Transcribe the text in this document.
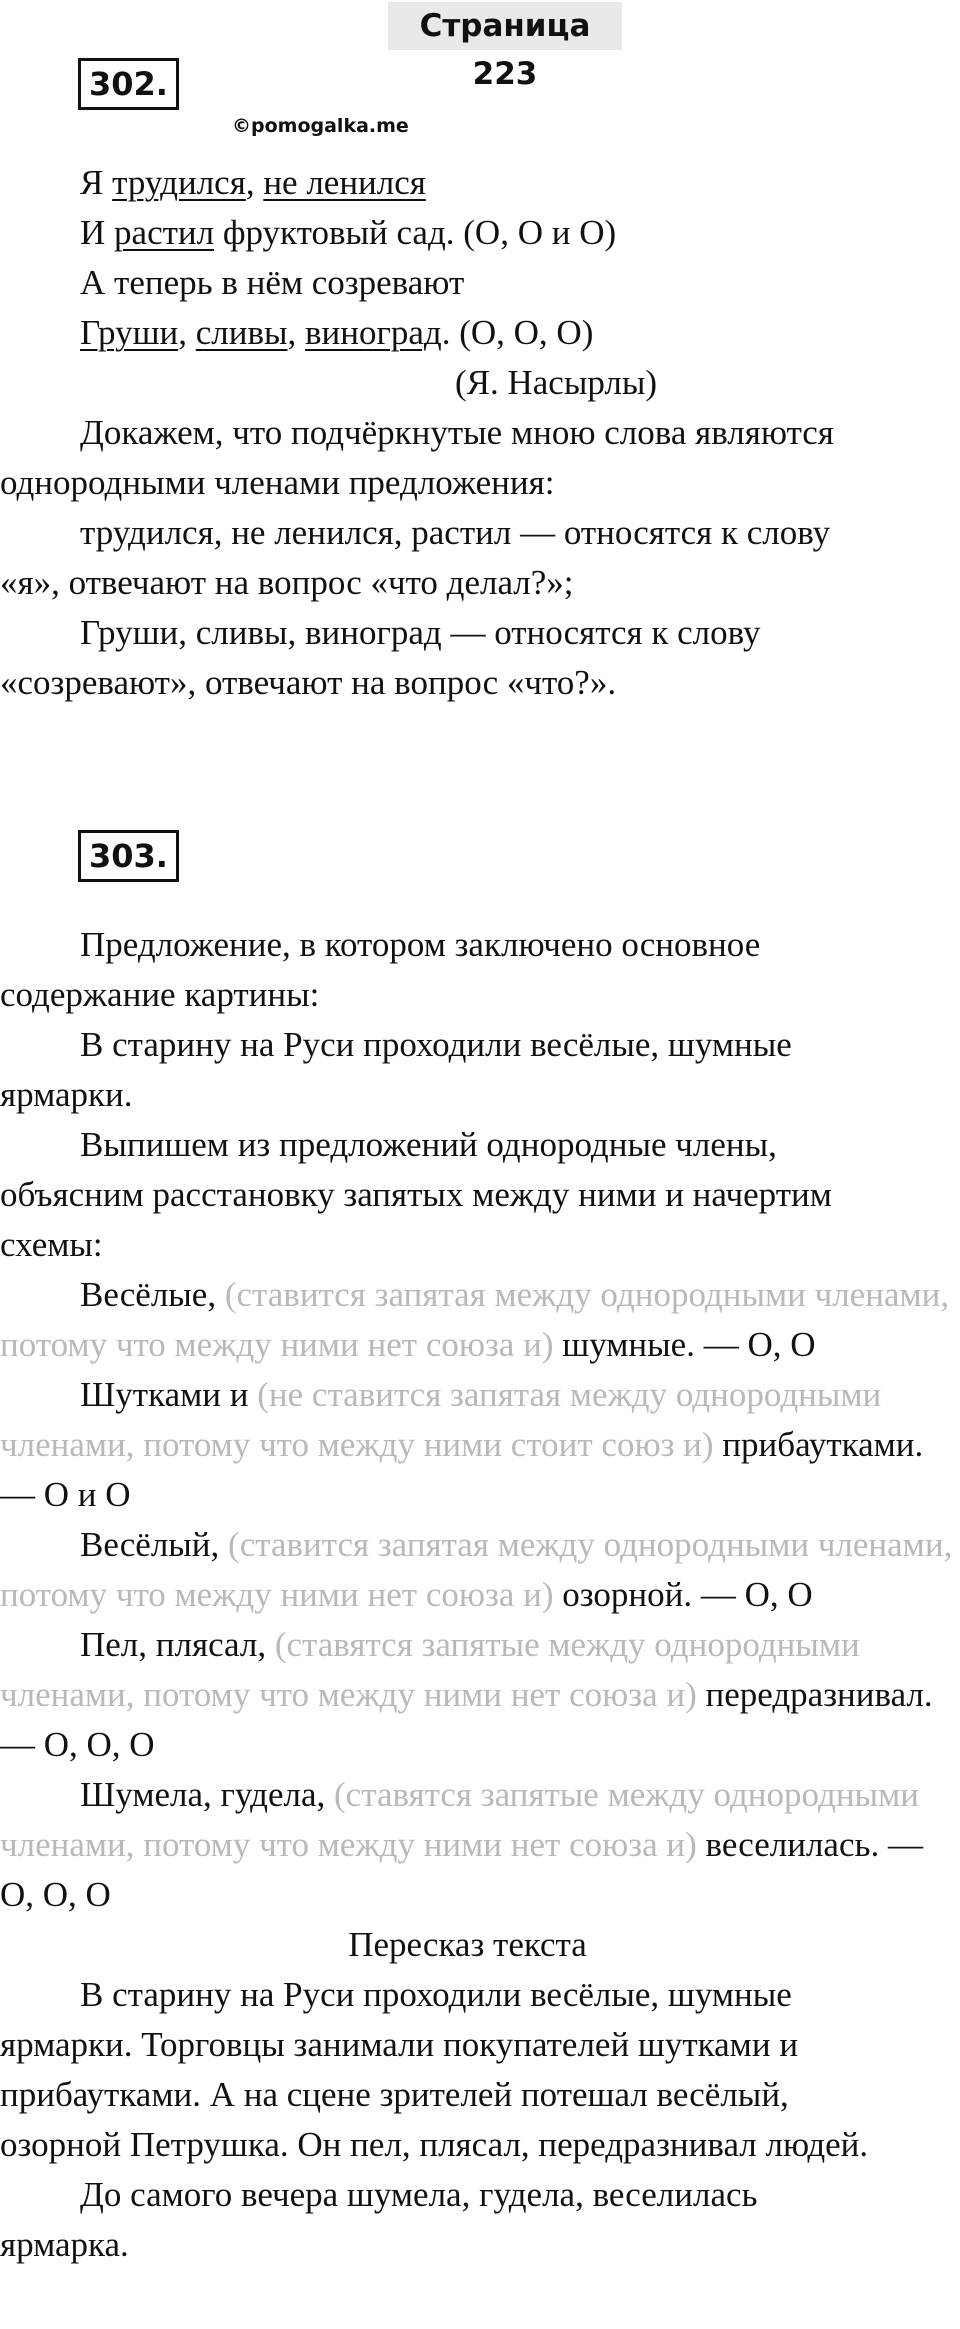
Страница 223
302.
©pomogalka.me
Я трудился, не ленился
И растил фруктовый сад. (О, О и О)
А теперь в нём созревают
Груши, сливы, виноград. (О, О, О)
(Я. Насырлы)
Докажем, что подчёркнутые мною слова являются
однородными членами предложения:
трудился, не ленился, растил — относятся к слову
«я», отвечают на вопрос «что делал?»;
Груши, сливы, виноград — относятся к слову
«созревают», отвечают на вопрос «что?».
303.
Предложение, в котором заключено основное
содержание картины:
В старину на Руси проходили весёлые, шумные
ярмарки.
Выпишем из предложений однородные члены,
объясним расстановку запятых между ними и начертим
схемы:
Весёлые, (ставится запятая между однородными членами,
потому что между ними нет союза и) шумные. — О, О
Шутками и (не ставится запятая между однородными
членами, потому что между ними стоит союз и) прибаутками.
— О и О
Весёлый, (ставится запятая между однородными членами,
потому что между ними нет союза и) озорной. — О, О
Пел, плясал, (ставятся запятые между однородными
членами, потому что между ними нет союза и) передразнивал.
— О, О, О
Шумела, гудела, (ставятся запятые между однородными
членами, потому что между ними нет союза и) веселилась. —
О, О, О
Пересказ текста
В старину на Руси проходили весёлые, шумные
ярмарки. Торговцы занимали покупателей шутками и
прибаутками. А на сцене зрителей потешал весёлый,
озорной Петрушка. Он пел, плясал, передразнивал людей.
До самого вечера шумела, гудела, веселилась
ярмарка.
